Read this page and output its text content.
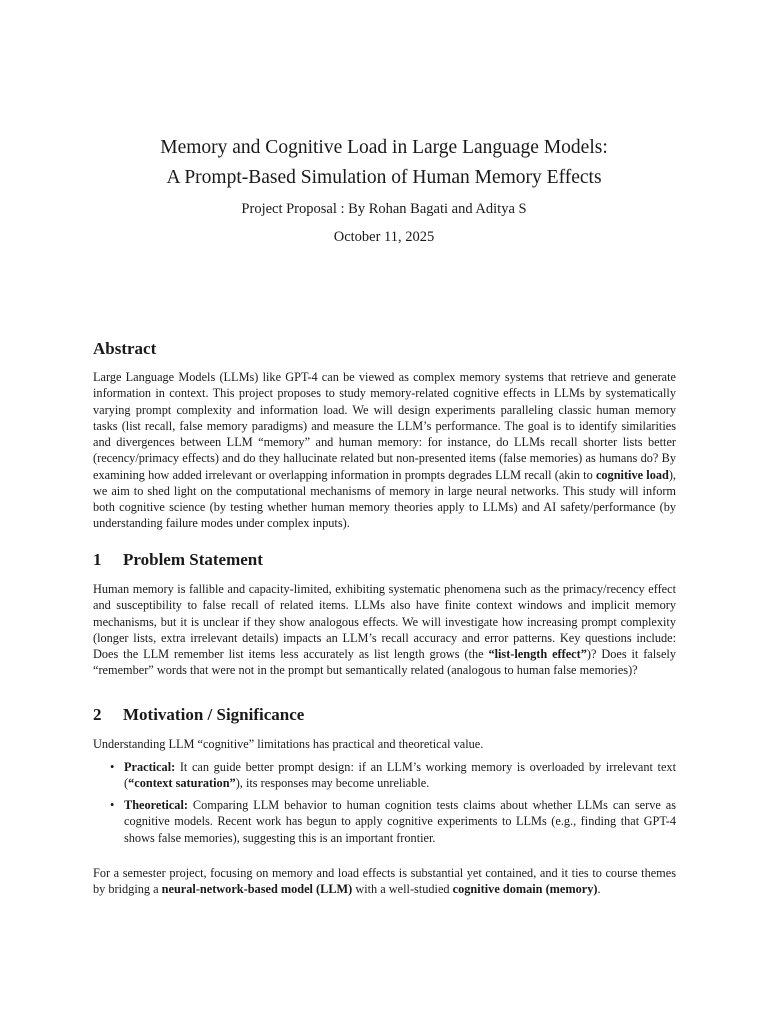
Memory and Cognitive Load in Large Language Models:
A Prompt-Based Simulation of Human Memory Effects
Project Proposal : By Rohan Bagati and Aditya S
October 11, 2025
Abstract
Large Language Models (LLMs) like GPT-4 can be viewed as complex memory systems that retrieve and generate information in context. This project proposes to study memory-related cognitive effects in LLMs by systematically varying prompt complexity and information load. We will design experiments paralleling classic human memory tasks (list recall, false memory paradigms) and measure the LLM’s performance. The goal is to identify similarities and divergences between LLM “memory” and human memory: for instance, do LLMs recall shorter lists better (recency/primacy effects) and do they hallucinate related but non-presented items (false memories) as humans do? By examining how added irrelevant or overlapping information in prompts degrades LLM recall (akin to cognitive load), we aim to shed light on the computational mechanisms of memory in large neural networks. This study will inform both cognitive science (by testing whether human memory theories apply to LLMs) and AI safety/performance (by understanding failure modes under complex inputs).
1 Problem Statement
Human memory is fallible and capacity-limited, exhibiting systematic phenomena such as the primacy/recency effect and susceptibility to false recall of related items. LLMs also have finite context windows and implicit memory mechanisms, but it is unclear if they show analogous effects. We will investigate how increasing prompt complexity (longer lists, extra irrelevant details) impacts an LLM’s recall accuracy and error patterns. Key questions include: Does the LLM remember list items less accurately as list length grows (the “list-length effect”)? Does it falsely “remember” words that were not in the prompt but semantically related (analogous to human false memories)?
2 Motivation / Significance
Understanding LLM “cognitive” limitations has practical and theoretical value.
• Practical: It can guide better prompt design: if an LLM’s working memory is overloaded by irrelevant text (“context saturation”), its responses may become unreliable.
• Theoretical: Comparing LLM behavior to human cognition tests claims about whether LLMs can serve as cognitive models. Recent work has begun to apply cognitive experiments to LLMs (e.g., finding that GPT-4 shows false memories), suggesting this is an important frontier.
For a semester project, focusing on memory and load effects is substantial yet contained, and it ties to course themes by bridging a neural-network-based model (LLM) with a well-studied cognitive domain (memory).
